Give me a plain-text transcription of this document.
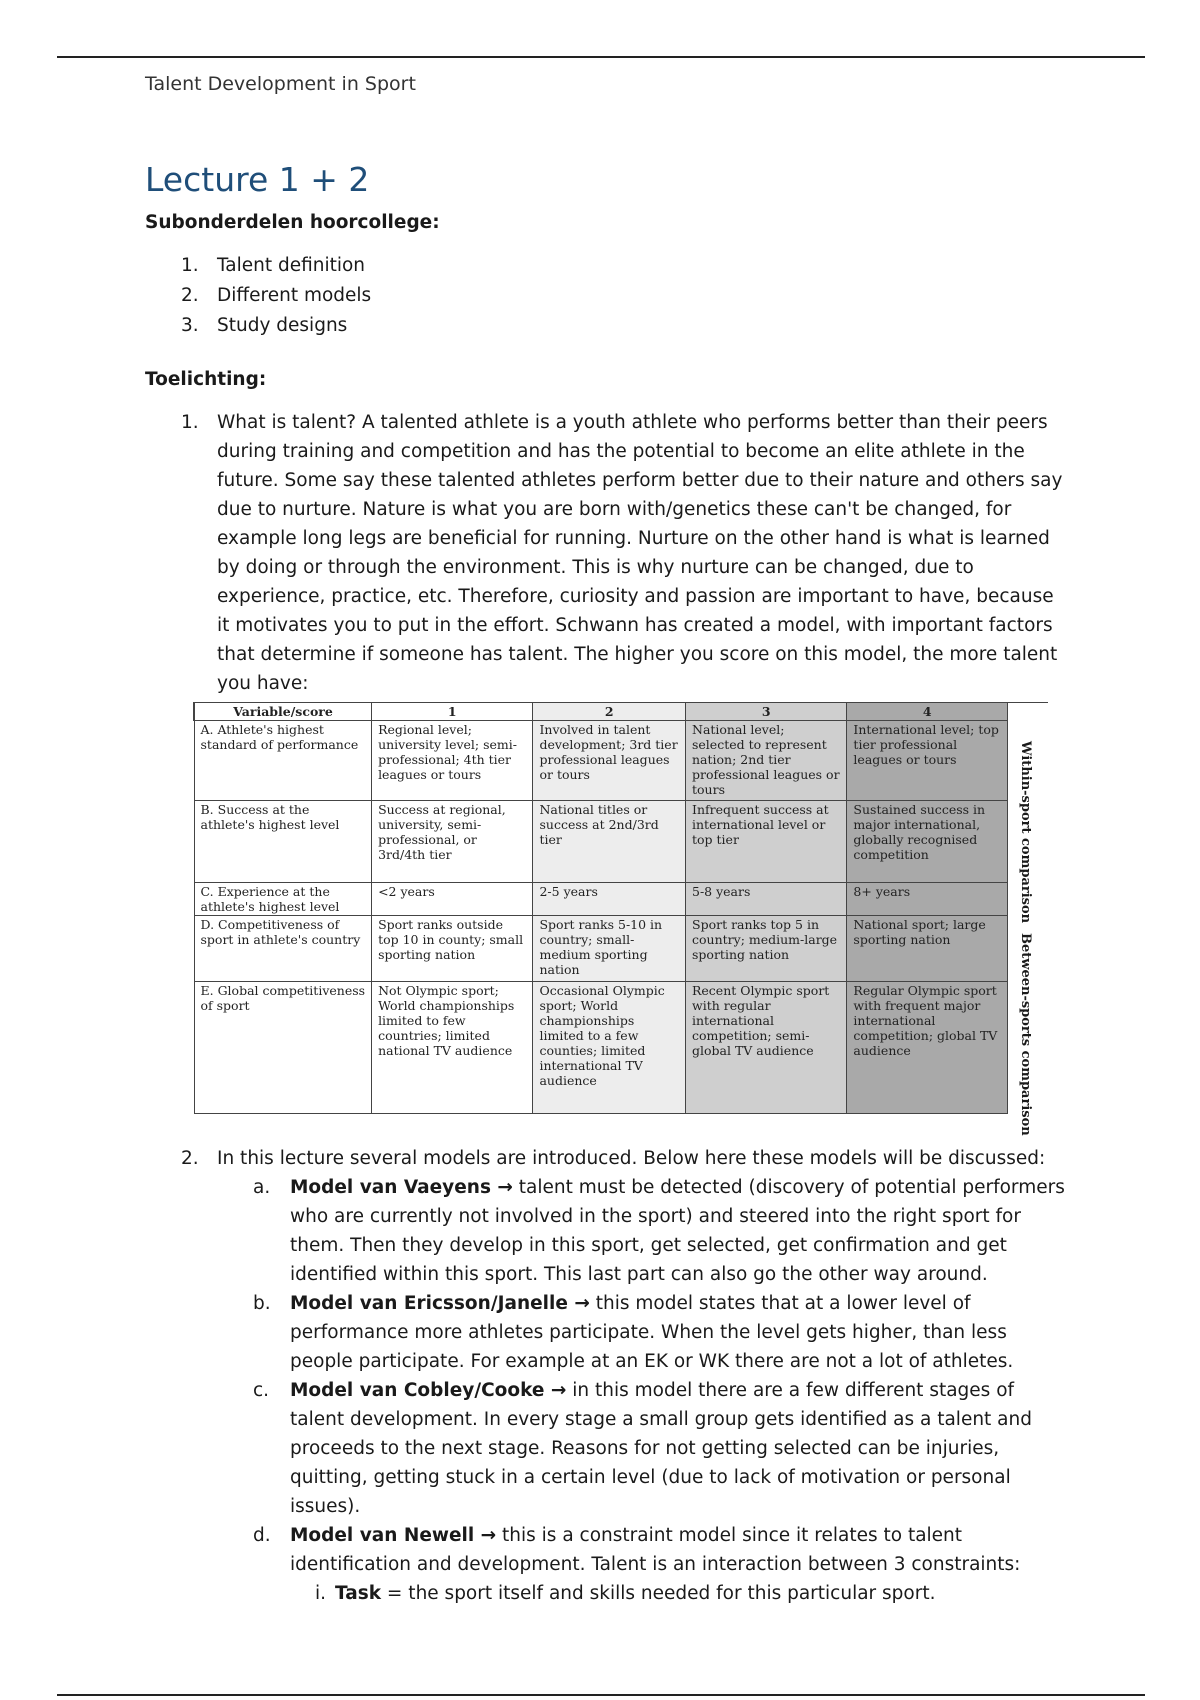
Talent Development in Sport
Lecture 1 + 2
Subonderdelen hoorcollege:
1. Talent definition
2. Different models
3. Study designs
Toelichting:
1. What is talent? A talented athlete is a youth athlete who performs better than their peers during training and competition and has the potential to become an elite athlete in the future. Some say these talented athletes perform better due to their nature and others say due to nurture. Nature is what you are born with/genetics these can't be changed, for example long legs are beneficial for running. Nurture on the other hand is what is learned by doing or through the environment. This is why nurture can be changed, due to experience, practice, etc. Therefore, curiosity and passion are important to have, because it motivates you to put in the effort. Schwann has created a model, with important factors that determine if someone has talent. The higher you score on this model, the more talent you have:
Variable/score	1	2	3	4
A. Athlete's highest standard of performance	Regional level; university level; semi-professional; 4th tier leagues or tours	Involved in talent development; 3rd tier professional leagues or tours	National level; selected to represent nation; 2nd tier professional leagues or tours	International level; top tier professional leagues or tours
B. Success at the athlete's highest level	Success at regional, university, semi-professional, or 3rd/4th tier	National titles or success at 2nd/3rd tier	Infrequent success at international level or top tier	Sustained success in major international, globally recognised competition
C. Experience at the athlete's highest level	<2 years	2-5 years	5-8 years	8+ years
D. Competitiveness of sport in athlete's country	Sport ranks outside top 10 in county; small sporting nation	Sport ranks 5-10 in country; small-medium sporting nation	Sport ranks top 5 in country; medium-large sporting nation	National sport; large sporting nation
E. Global competitiveness of sport	Not Olympic sport; World championships limited to few countries; limited national TV audience	Occasional Olympic sport; World championships limited to a few counties; limited international TV audience	Recent Olympic sport with regular international competition; semi-global TV audience	Regular Olympic sport with frequent major international competition; global TV audience
Within-sport comparison
Between-sports comparison
2. In this lecture several models are introduced. Below here these models will be discussed:
a. Model van Vaeyens → talent must be detected (discovery of potential performers who are currently not involved in the sport) and steered into the right sport for them. Then they develop in this sport, get selected, get confirmation and get identified within this sport. This last part can also go the other way around.
b. Model van Ericsson/Janelle → this model states that at a lower level of performance more athletes participate. When the level gets higher, than less people participate. For example at an EK or WK there are not a lot of athletes.
c. Model van Cobley/Cooke → in this model there are a few different stages of talent development. In every stage a small group gets identified as a talent and proceeds to the next stage. Reasons for not getting selected can be injuries, quitting, getting stuck in a certain level (due to lack of motivation or personal issues).
d. Model van Newell → this is a constraint model since it relates to talent identification and development. Talent is an interaction between 3 constraints:
i. Task = the sport itself and skills needed for this particular sport.
